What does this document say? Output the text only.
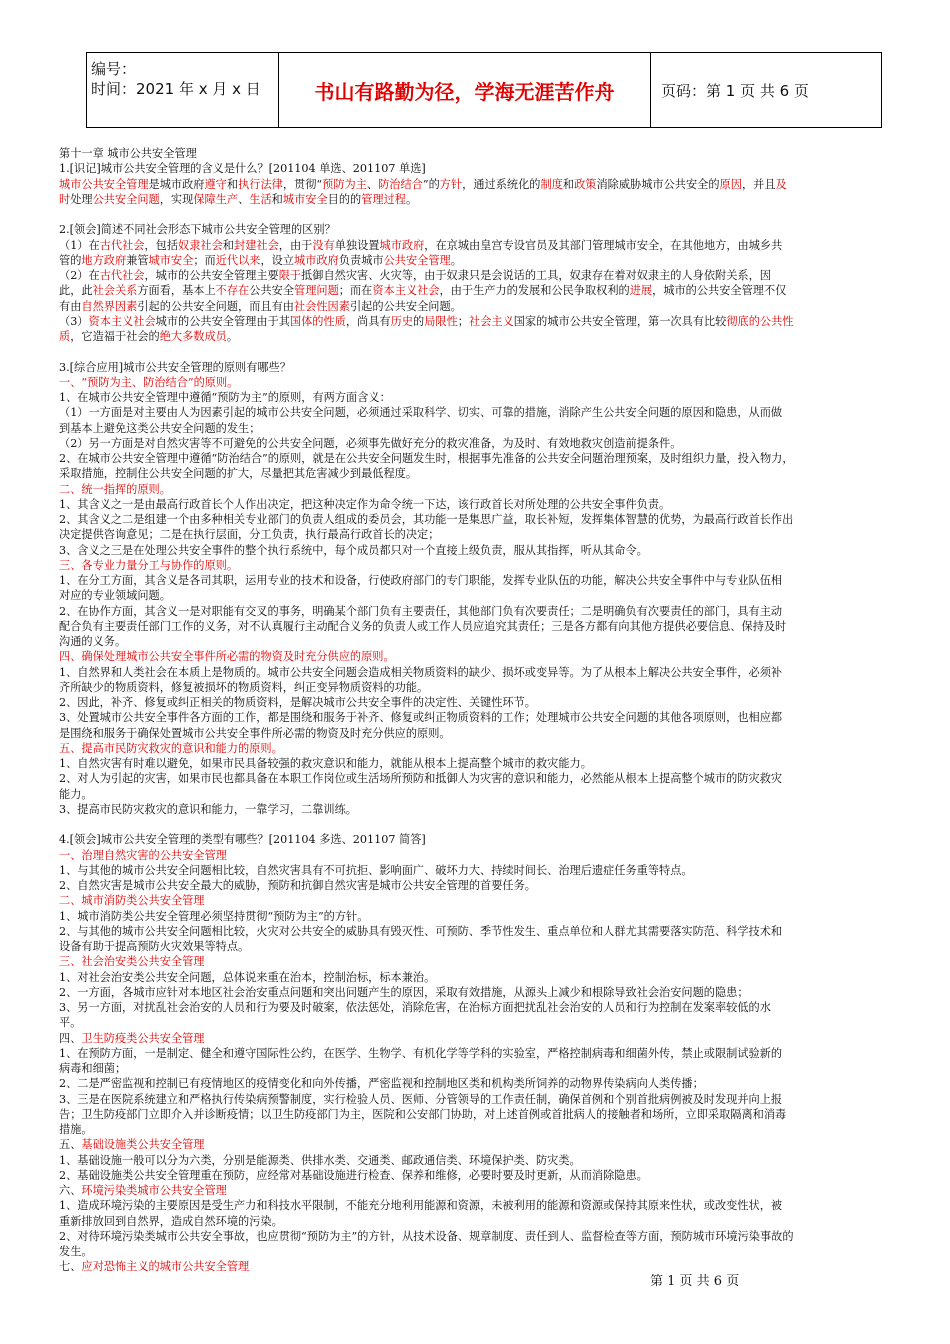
编号：
时间：2021 年 x 月 x 日	书山有路勤为径，学海无涯苦作舟	页码：第 1 页 共 6 页
第十一章 城市公共安全管理
1.[识记]城市公共安全管理的含义是什么？[201104 单选、201107 单选]
城市公共安全管理是城市政府遵守和执行法律，贯彻“预防为主、防治结合”的方针，通过系统化的制度和政策消除威胁城市公共安全的原因，并且及
时处理公共安全问题，实现保障生产、生活和城市安全目的的管理过程。
2.[领会]简述不同社会形态下城市公共安全管理的区别？
（1）在古代社会，包括奴隶社会和封建社会，由于没有单独设置城市政府，在京城由皇宫专设官员及其部门管理城市安全，在其他地方，由城乡共
管的地方政府兼管城市安全；而近代以来，设立城市政府负责城市公共安全管理。
（2）在古代社会，城市的公共安全管理主要限于抵御自然灾害、火灾等，由于奴隶只是会说话的工具，奴隶存在着对奴隶主的人身依附关系，因
此，此社会关系方面看，基本上不存在公共安全管理问题；而在资本主义社会，由于生产力的发展和公民争取权利的进展，城市的公共安全管理不仅
有由自然界因素引起的公共安全问题，而且有由社会性因素引起的公共安全问题。
（3）资本主义社会城市的公共安全管理由于其国体的性质，尚具有历史的局限性；社会主义国家的城市公共安全管理，第一次具有比较彻底的公共性
质，它造福于社会的绝大多数成员。
3.[综合应用]城市公共安全管理的原则有哪些？
一、“预防为主、防治结合”的原则。
1、在城市公共安全管理中遵循“预防为主”的原则，有两方面含义：
（1）一方面是对主要由人为因素引起的城市公共安全问题，必须通过采取科学、切实、可靠的措施，消除产生公共安全问题的原因和隐患，从而做
到基本上避免这类公共安全问题的发生；
（2）另一方面是对自然灾害等不可避免的公共安全问题，必须事先做好充分的救灾准备，为及时、有效地救灾创造前提条件。
2、在城市公共安全管理中遵循“防治结合”的原则，就是在公共安全问题发生时，根据事先准备的公共安全问题治理预案，及时组织力量，投入物力，
采取措施，控制住公共安全问题的扩大，尽量把其危害减少到最低程度。
二、统一指挥的原则。
1、其含义之一是由最高行政首长个人作出决定，把这种决定作为命令统一下达，该行政首长对所处理的公共安全事件负责。
2、其含义之二是组建一个由多种相关专业部门的负责人组成的委员会，其功能一是集思广益，取长补短，发挥集体智慧的优势，为最高行政首长作出
决定提供咨询意见；二是在执行层面，分工负责，执行最高行政首长的决定；
3、含义之三是在处理公共安全事件的整个执行系统中，每个成员都只对一个直接上级负责，服从其指挥，听从其命令。
三、各专业力量分工与协作的原则。
1、在分工方面，其含义是各司其职，运用专业的技术和设备，行使政府部门的专门职能，发挥专业队伍的功能，解决公共安全事件中与专业队伍相
对应的专业领域问题。
2、在协作方面，其含义一是对职能有交叉的事务，明确某个部门负有主要责任，其他部门负有次要责任；二是明确负有次要责任的部门，具有主动
配合负有主要责任部门工作的义务，对不认真履行主动配合义务的负责人或工作人员应追究其责任；三是各方都有向其他方提供必要信息、保持及时
沟通的义务。
四、确保处理城市公共安全事件所必需的物资及时充分供应的原则。
1、自然界和人类社会在本质上是物质的。城市公共安全问题会造成相关物质资料的缺少、损坏或变异等。为了从根本上解决公共安全事件，必须补
齐所缺少的物质资料，修复被损坏的物质资料，纠正变异物质资料的功能。
2、因此，补齐、修复或纠正相关的物质资料，是解决城市公共安全事件的决定性、关键性环节。
3、处置城市公共安全事件各方面的工作，都是围绕和服务于补齐、修复或纠正物质资料的工作；处理城市公共安全问题的其他各项原则，也相应都
是围绕和服务于确保处置城市公共安全事件所必需的物资及时充分供应的原则。
五、提高市民防灾救灾的意识和能力的原则。
1、自然灾害有时难以避免，如果市民具备较强的救灾意识和能力，就能从根本上提高整个城市的救灾能力。
2、对人为引起的灾害，如果市民也都具备在本职工作岗位或生活场所预防和抵御人为灾害的意识和能力，必然能从根本上提高整个城市的防灾救灾
能力。
3、提高市民防灾救灾的意识和能力，一靠学习，二靠训练。
4.[领会]城市公共安全管理的类型有哪些？[201104 多选、201107 简答]
一、治理自然灾害的公共安全管理
1、与其他的城市公共安全问题相比较，自然灾害具有不可抗拒、影响面广、破坏力大、持续时间长、治理后遗症任务重等特点。
2、自然灾害是城市公共安全最大的威胁，预防和抗御自然灾害是城市公共安全管理的首要任务。
二、城市消防类公共安全管理
1、城市消防类公共安全管理必须坚持贯彻“预防为主”的方针。
2、与其他的城市公共安全问题相比较，火灾对公共安全的威胁具有毁灭性、可预防、季节性发生、重点单位和人群尤其需要落实防范、科学技术和
设备有助于提高预防火灾效果等特点。
三、社会治安类公共安全管理
1、对社会治安类公共安全问题，总体说来重在治本，控制治标，标本兼治。
2、一方面，各城市应针对本地区社会治安重点问题和突出问题产生的原因，采取有效措施，从源头上减少和根除导致社会治安问题的隐患；
3、另一方面，对扰乱社会治安的人员和行为要及时破案，依法惩处，消除危害，在治标方面把扰乱社会治安的人员和行为控制在发案率较低的水
平。
四、卫生防疫类公共安全管理
1、在预防方面，一是制定、健全和遵守国际性公约，在医学、生物学、有机化学等学科的实验室，严格控制病毒和细菌外传，禁止或限制试验新的
病毒和细菌；
2、二是严密监视和控制已有疫情地区的疫情变化和向外传播，严密监视和控制地区类和机构类所饲养的动物界传染病向人类传播；
3、三是在医院系统建立和严格执行传染病预警制度，实行检验人员、医师、分管领导的工作责任制，确保首例和个别首批病例被及时发现并向上报
告；卫生防疫部门立即介入并诊断疫情；以卫生防疫部门为主，医院和公安部门协助，对上述首例或首批病人的接触者和场所，立即采取隔离和消毒
措施。
五、基础设施类公共安全管理
1、基础设施一般可以分为六类，分别是能源类、供排水类、交通类、邮政通信类、环境保护类、防灾类。
2、基础设施类公共安全管理重在预防，应经常对基础设施进行检查、保养和维修，必要时要及时更新，从而消除隐患。
六、环境污染类城市公共安全管理
1、造成环境污染的主要原因是受生产力和科技水平限制，不能充分地利用能源和资源，未被利用的能源和资源或保持其原来性状，或改变性状，被
重新排放回到自然界，造成自然环境的污染。
2、对待环境污染类城市公共安全事故，也应贯彻“预防为主”的方针，从技术设备、规章制度、责任到人、监督检查等方面，预防城市环境污染事故的
发生。
七、应对恐怖主义的城市公共安全管理
第 1 页 共 6 页
